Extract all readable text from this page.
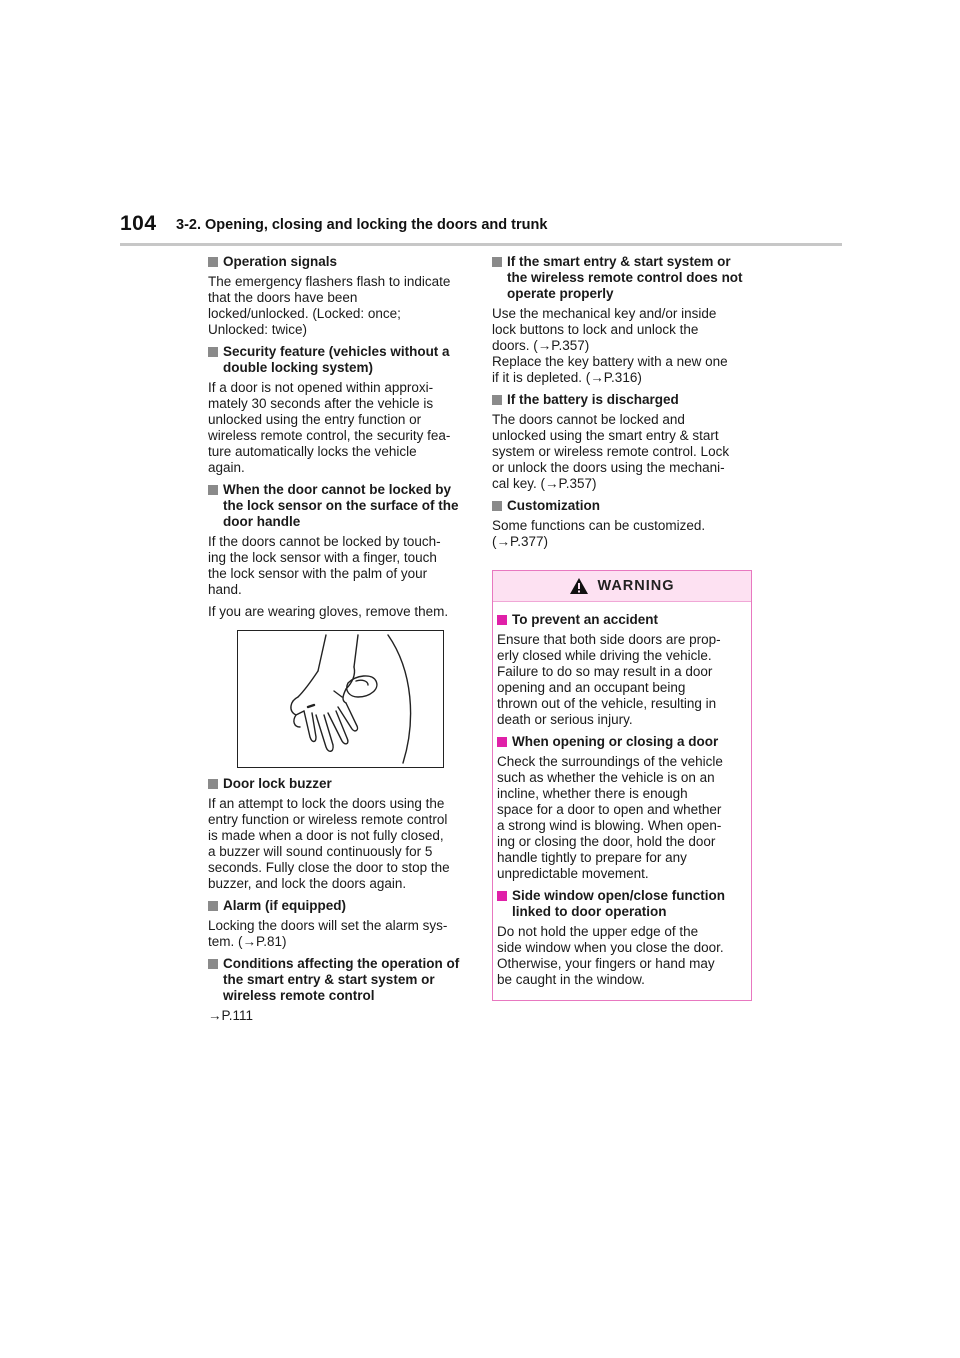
104 3-2. Opening, closing and locking the doors and trunk
Operation signals

The emergency flashers flash to indicate
that the doors have been
locked/unlocked. (Locked: once;
Unlocked: twice)

Security feature (vehicles without a double locking system)

If a door is not opened within approxi-
mately 30 seconds after the vehicle is
unlocked using the entry function or
wireless remote control, the security fea-
ture automatically locks the vehicle
again.

When the door cannot be locked by the lock sensor on the surface of the door handle

If the doors cannot be locked by touch-
ing the lock sensor with a finger, touch
the lock sensor with the palm of your
hand.

If you are wearing gloves, remove them.

Door lock buzzer

If an attempt to lock the doors using the
entry function or wireless remote control
is made when a door is not fully closed,
a buzzer will sound continuously for 5
seconds. Fully close the door to stop the
buzzer, and lock the doors again.

Alarm (if equipped)

Locking the doors will set the alarm sys-
tem. (→P.81)

Conditions affecting the operation of the smart entry & start system or wireless remote control

→P.111

If the smart entry & start system or the wireless remote control does not operate properly

Use the mechanical key and/or inside
lock buttons to lock and unlock the
doors. (→P.357)
Replace the key battery with a new one
if it is depleted. (→P.316)

If the battery is discharged

The doors cannot be locked and
unlocked using the smart entry & start
system or wireless remote control. Lock
or unlock the doors using the mechani-
cal key. (→P.357)

Customization

Some functions can be customized.
(→P.377)

WARNING
To prevent an accident

Ensure that both side doors are prop-
erly closed while driving the vehicle.
Failure to do so may result in a door
opening and an occupant being
thrown out of the vehicle, resulting in
death or serious injury.

When opening or closing a door

Check the surroundings of the vehicle
such as whether the vehicle is on an
incline, whether there is enough
space for a door to open and whether
a strong wind is blowing. When open-
ing or closing the door, hold the door
handle tightly to prepare for any
unpredictable movement.

Side window open/close function linked to door operation

Do not hold the upper edge of the
side window when you close the door.
Otherwise, your fingers or hand may
be caught in the window.
